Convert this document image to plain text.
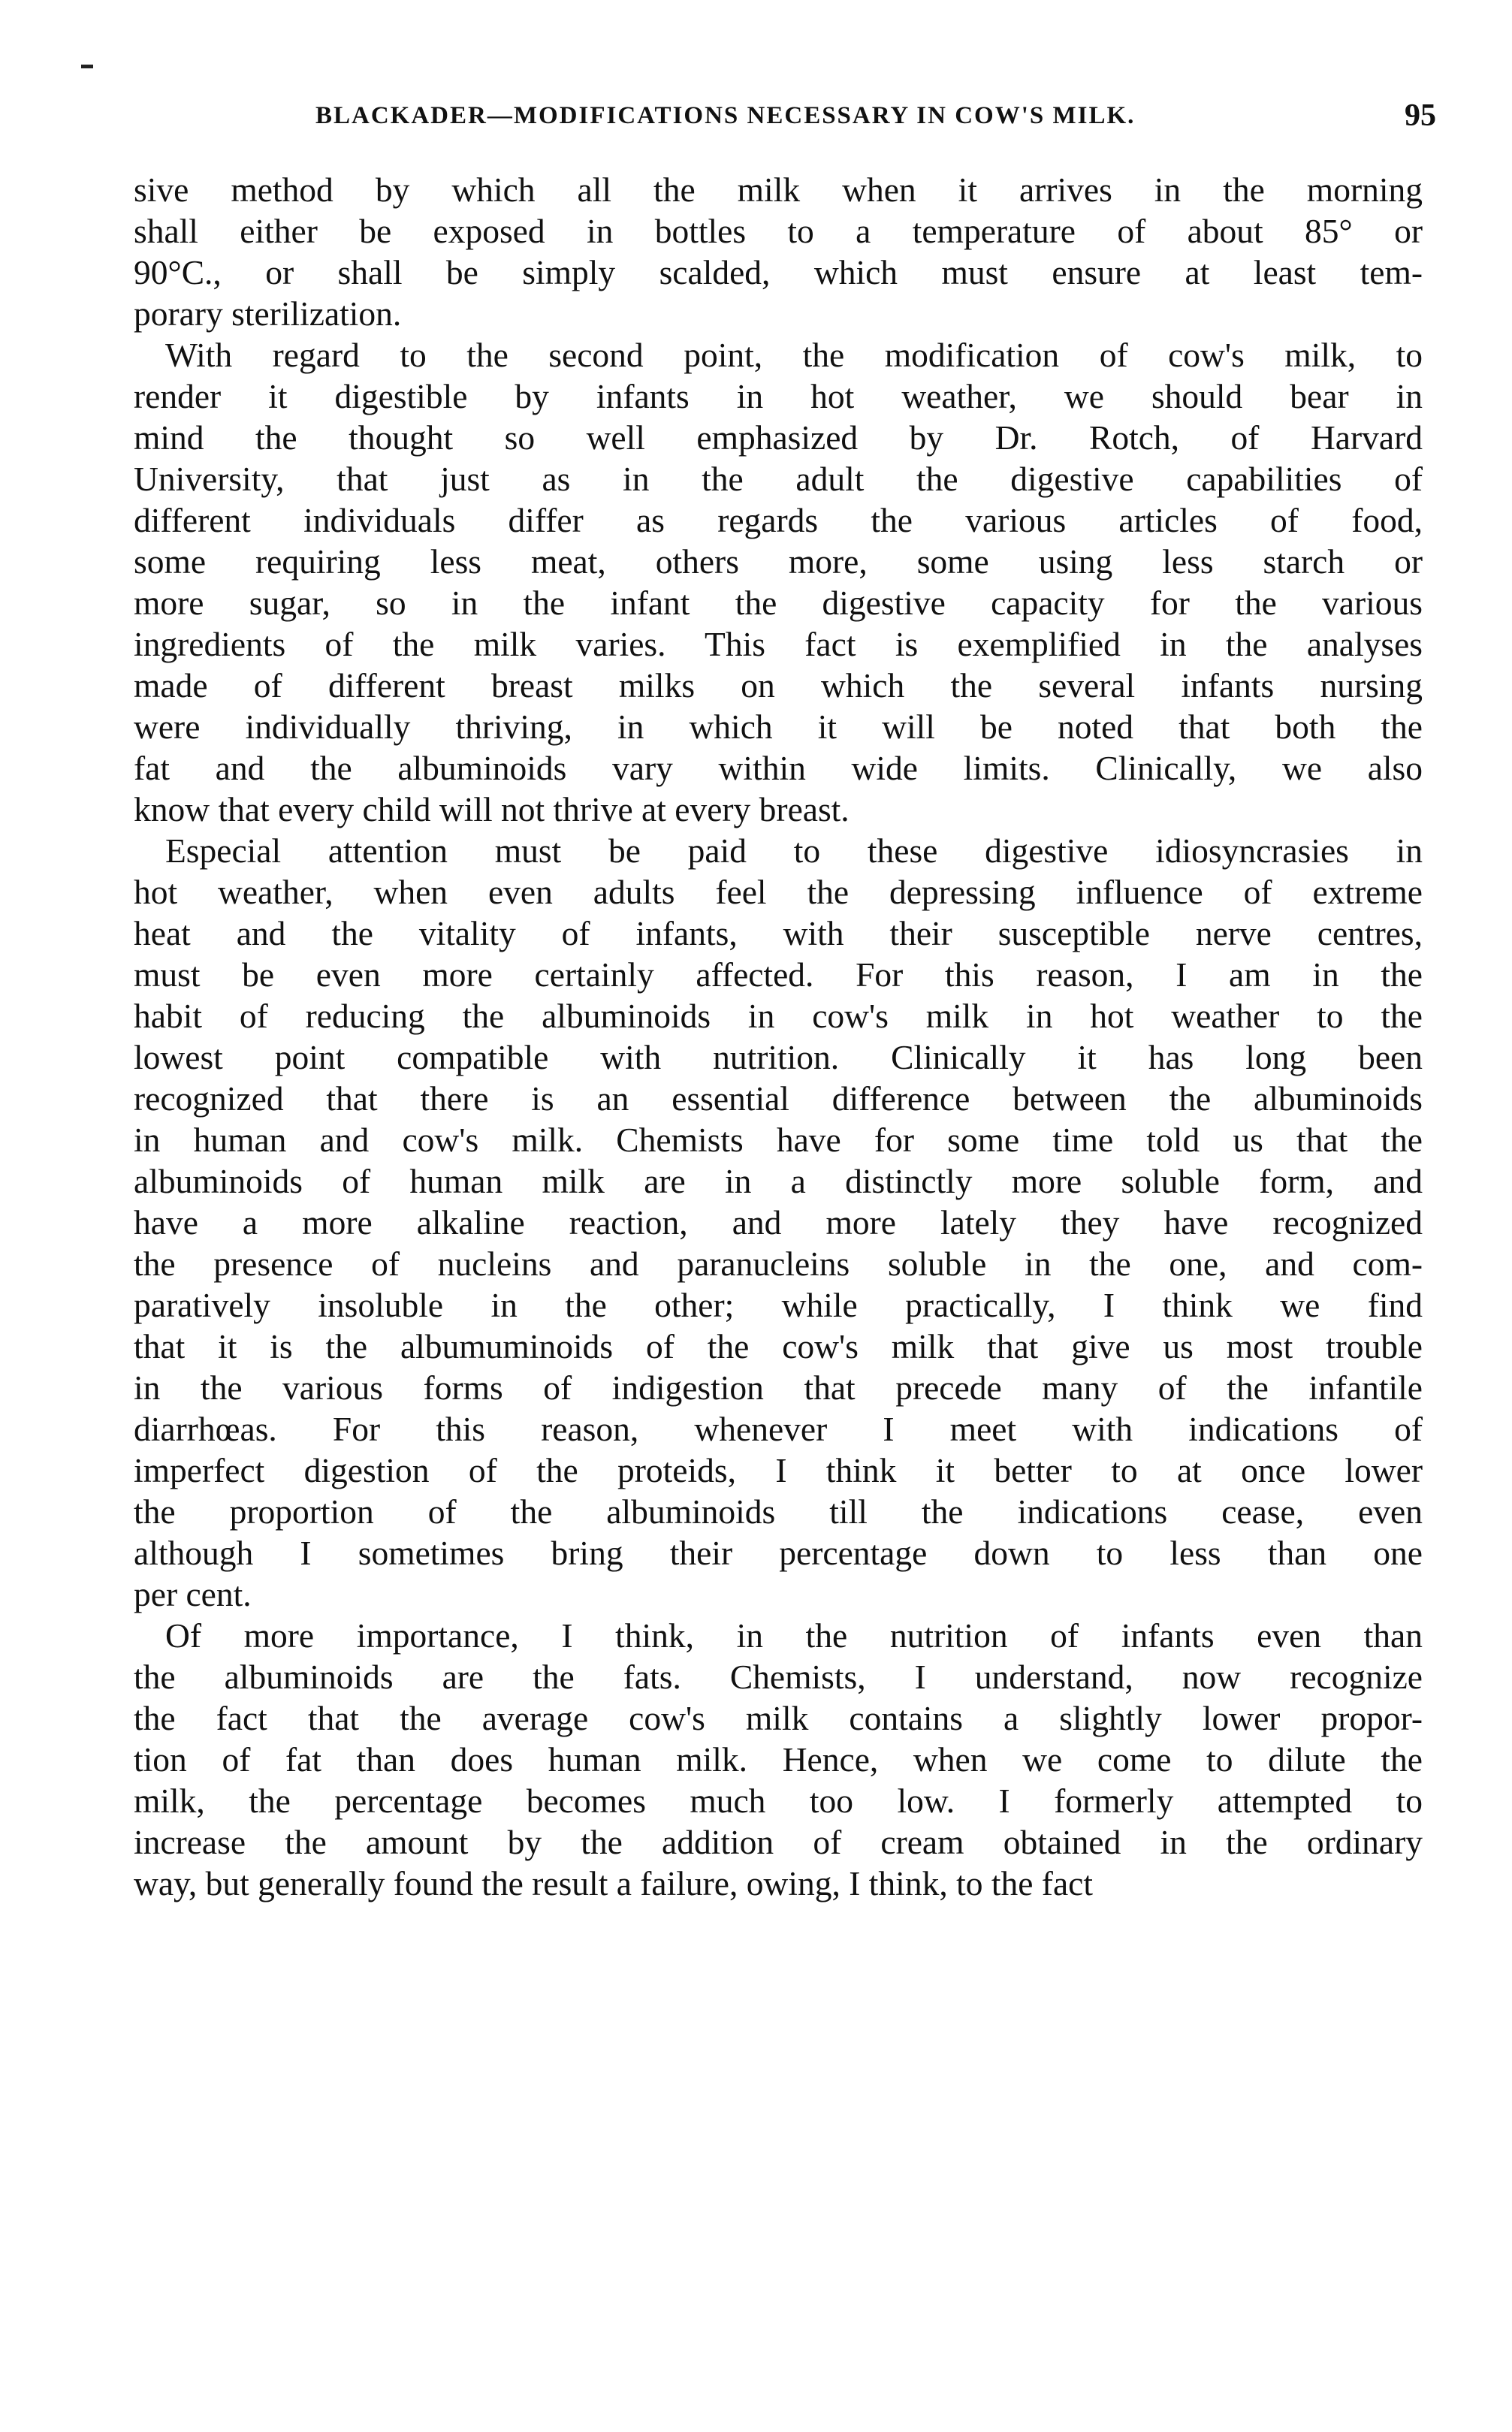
BLACKADER—MODIFICATIONS NECESSARY IN COW'S MILK.	95
sive method by which all the milk when it arrives in the morning
shall either be exposed in bottles to a temperature of about 85° or
90°C., or shall be simply scalded, which must ensure at least tem-
porary sterilization.
With regard to the second point, the modification of cow's milk, to
render it digestible by infants in hot weather, we should bear in
mind the thought so well emphasized by Dr. Rotch, of Harvard
University, that just as in the adult the digestive capabilities of
different individuals differ as regards the various articles of food,
some requiring less meat, others more, some using less starch or
more sugar, so in the infant the digestive capacity for the various
ingredients of the milk varies. This fact is exemplified in the analyses
made of different breast milks on which the several infants nursing
were individually thriving, in which it will be noted that both the
fat and the albuminoids vary within wide limits. Clinically, we also
know that every child will not thrive at every breast.
Especial attention must be paid to these digestive idiosyncrasies in
hot weather, when even adults feel the depressing influence of extreme
heat and the vitality of infants, with their susceptible nerve centres,
must be even more certainly affected. For this reason, I am in the
habit of reducing the albuminoids in cow's milk in hot weather to the
lowest point compatible with nutrition. Clinically it has long been
recognized that there is an essential difference between the albuminoids
in human and cow's milk. Chemists have for some time told us that the
albuminoids of human milk are in a distinctly more soluble form, and
have a more alkaline reaction, and more lately they have recognized
the presence of nucleins and paranucleins soluble in the one, and com-
paratively insoluble in the other; while practically, I think we find
that it is the albumuminoids of the cow's milk that give us most trouble
in the various forms of indigestion that precede many of the infantile
diarrhœas. For this reason, whenever I meet with indications of
imperfect digestion of the proteids, I think it better to at once lower
the proportion of the albuminoids till the indications cease, even
although I sometimes bring their percentage down to less than one
per cent.
Of more importance, I think, in the nutrition of infants even than
the albuminoids are the fats. Chemists, I understand, now recognize
the fact that the average cow's milk contains a slightly lower propor-
tion of fat than does human milk. Hence, when we come to dilute the
milk, the percentage becomes much too low. I formerly attempted to
increase the amount by the addition of cream obtained in the ordinary
way, but generally found the result a failure, owing, I think, to the fact
